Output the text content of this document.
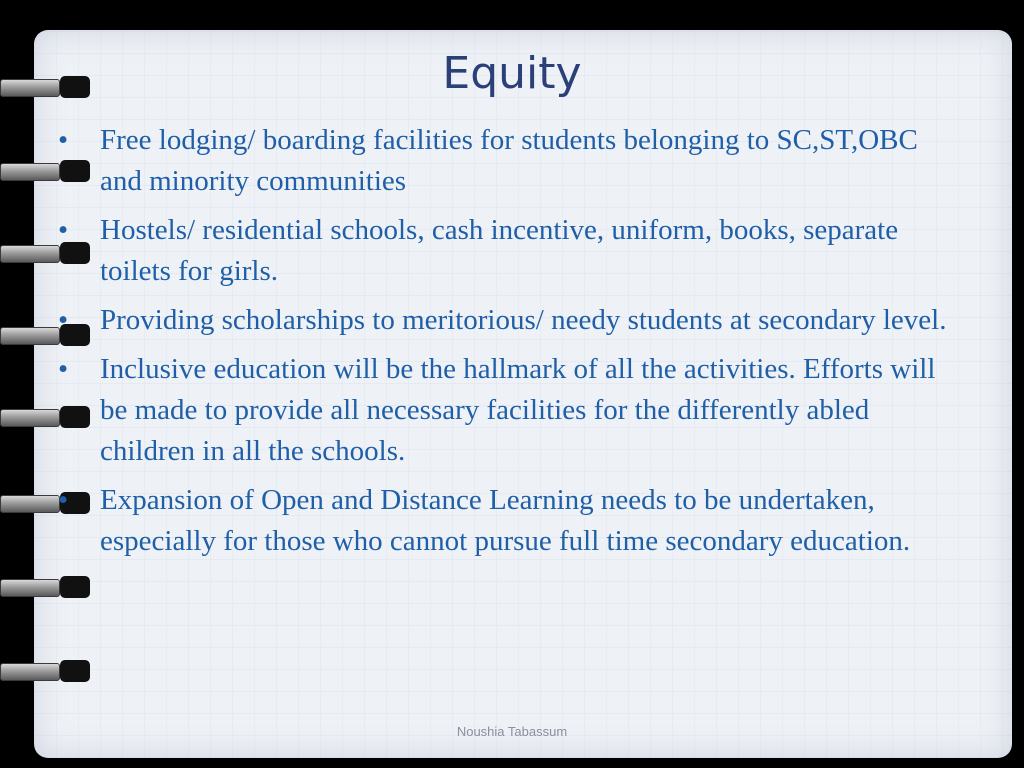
Equity
• Free lodging/ boarding facilities for students belonging to SC,ST,OBC and minority communities
• Hostels/ residential schools, cash incentive, uniform, books, separate toilets for girls.
• Providing scholarships to meritorious/ needy students at secondary level.
• Inclusive education will be the hallmark of all the activities. Efforts will be made to provide all necessary facilities for the differently abled children in all the schools.
• Expansion of Open and Distance Learning needs to be undertaken, especially for those who cannot pursue full time secondary education.
Noushia Tabassum
